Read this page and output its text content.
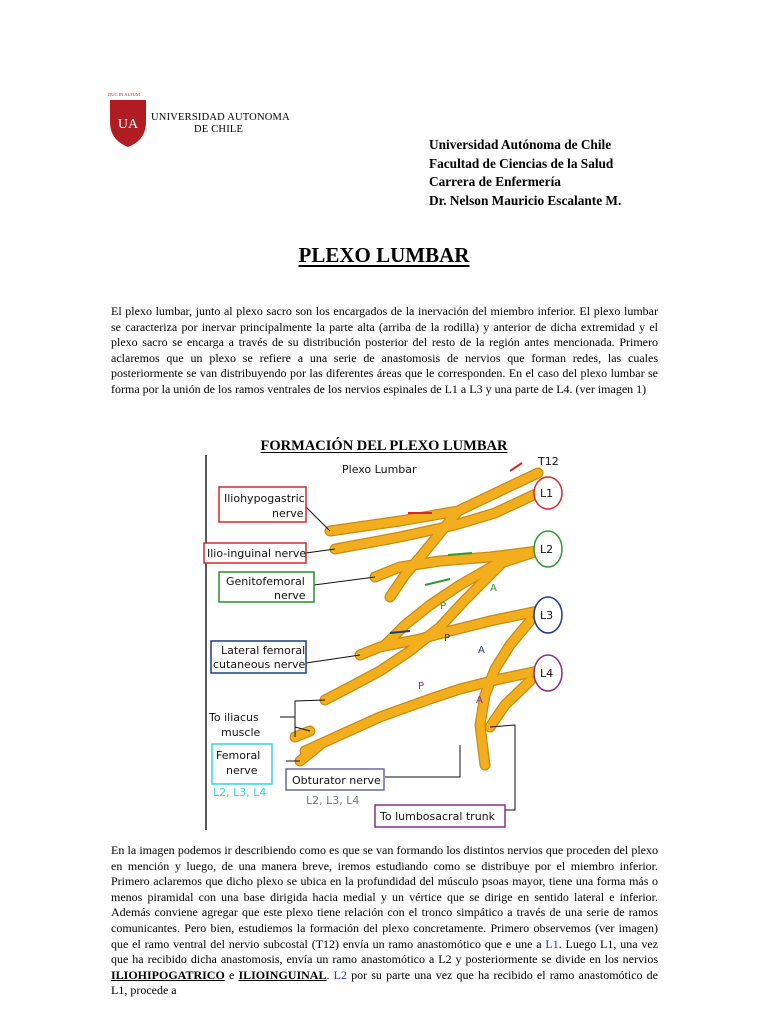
UA
DUC IN ALTUM
UNIVERSIDAD AUTONOMA
DE CHILE
Universidad Autónoma de Chile
Facultad de Ciencias de la Salud
Carrera de Enfermería
Dr. Nelson Mauricio Escalante M.
PLEXO LUMBAR
El plexo lumbar, junto al plexo sacro son los encargados de la inervación del miembro inferior. El plexo lumbar se caracteriza por inervar principalmente la parte alta (arriba de la rodilla) y anterior de dicha extremidad y el plexo sacro se encarga a través de su distribución posterior del resto de la región antes mencionada. Primero aclaremos que un plexo se refiere a una serie de anastomosis de nervios que forman redes, las cuales posteriormente se van distribuyendo por las diferentes áreas que le corresponden. En el caso del plexo lumbar se forma por la unión de los ramos ventrales de los nervios espinales de L1 a L3 y una parte de L4. (ver imagen 1)
FORMACIÓN DEL PLEXO LUMBAR
Plexo Lumbar
A
P
P
A
P
A
T12
L1
L2
L3
L4
Iliohypogastric
nerve
Ilio-inguinal nerve
Genitofemoral
nerve
Lateral femoral
cutaneous nerve
To iliacus
muscle
Femoral
nerve
L2, L3, L4
Obturator nerve
L2, L3, L4
To lumbosacral trunk
En la imagen podemos ir describiendo como es que se van formando los distintos nervios que proceden del plexo en mención y luego, de una manera breve, iremos estudiando como se distribuye por el miembro inferior. Primero aclaremos que dicho plexo se ubica en la profundidad del músculo psoas mayor, tiene una forma más o menos piramidal con una base dirigida hacia medial y un vértice que se dirige en sentido lateral e inferior. Además conviene agregar que este plexo tiene relación con el tronco simpático a través de una serie de ramos comunicantes. Pero bien, estudiemos la formación del plexo concretamente. Primero observemos (ver imagen) que el ramo ventral del nervio subcostal (T12) envía un ramo anastomótico que e une a L1. Luego L1, una vez que ha recibido dicha anastomosis, envía un ramo anastomótico a L2 y posteriormente se divide en los nervios ILIOHIPOGATRICO e ILIOINGUINAL. L2 por su parte una vez que ha recibido el ramo anastomótico de L1, procede a
